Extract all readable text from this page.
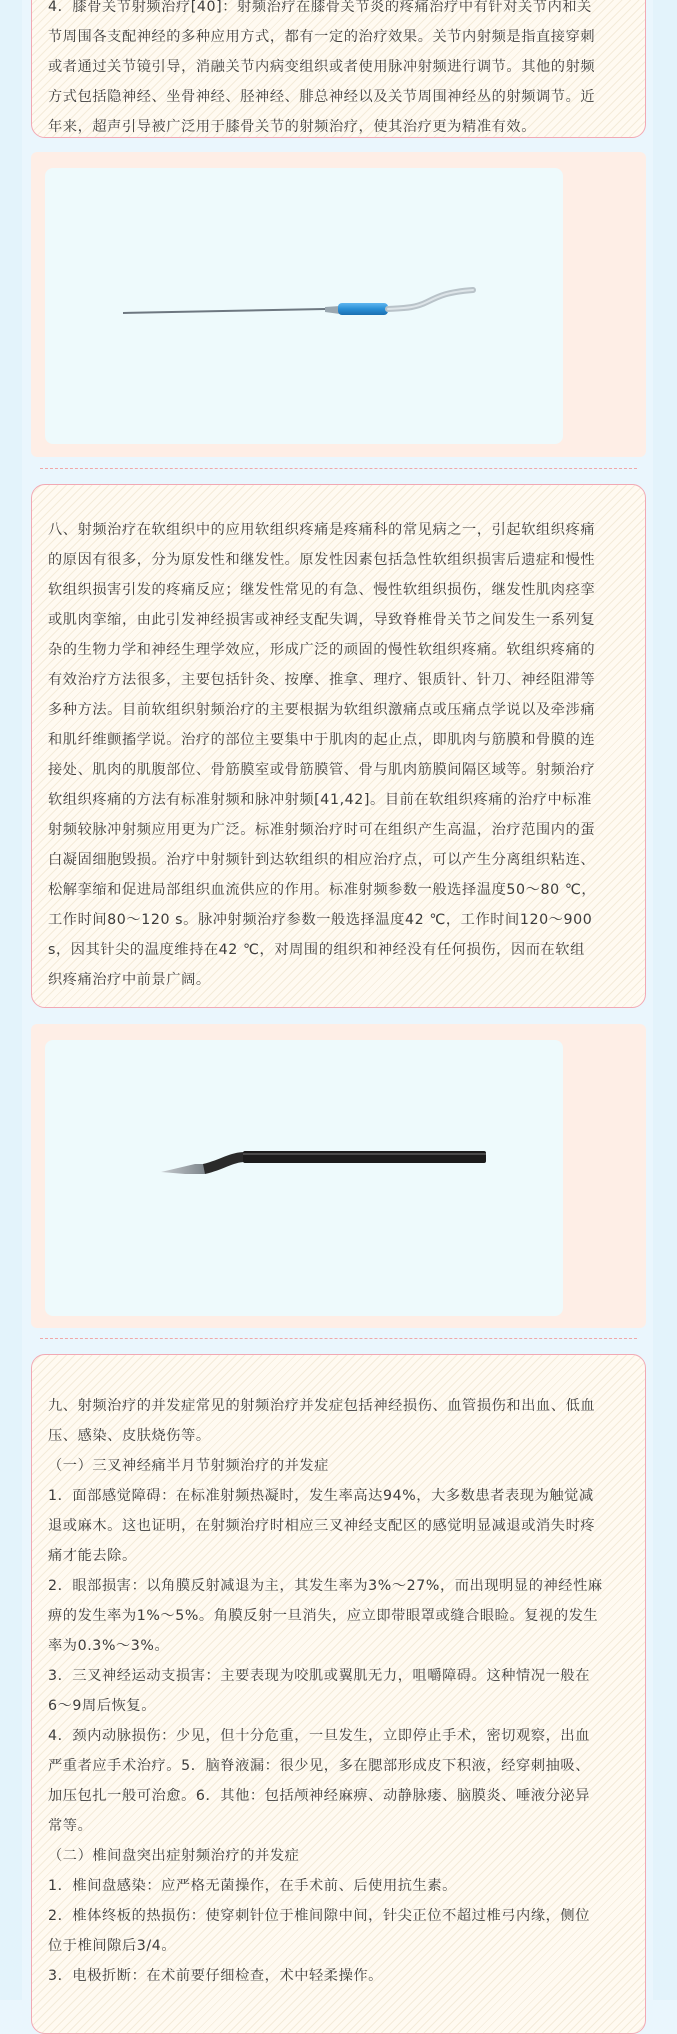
4．膝骨关节射频治疗[40]：射频治疗在膝骨关节炎的疼痛治疗中有针对关节内和关

节周围各支配神经的多种应用方式，都有一定的治疗效果。关节内射频是指直接穿刺

或者通过关节镜引导，消融关节内病变组织或者使用脉冲射频进行调节。其他的射频

方式包括隐神经、坐骨神经、胫神经、腓总神经以及关节周围神经丛的射频调节。近

年来，超声引导被广泛用于膝骨关节的射频治疗，使其治疗更为精准有效。

八、射频治疗在软组织中的应用软组织疼痛是疼痛科的常见病之一，引起软组织疼痛

的原因有很多，分为原发性和继发性。原发性因素包括急性软组织损害后遗症和慢性

软组织损害引发的疼痛反应；继发性常见的有急、慢性软组织损伤，继发性肌肉痉挛

或肌肉挛缩，由此引发神经损害或神经支配失调，导致脊椎骨关节之间发生一系列复

杂的生物力学和神经生理学效应，形成广泛的顽固的慢性软组织疼痛。软组织疼痛的

有效治疗方法很多，主要包括针灸、按摩、推拿、理疗、银质针、针刀、神经阻滞等

多种方法。目前软组织射频治疗的主要根据为软组织激痛点或压痛点学说以及牵涉痛

和肌纤维颤搐学说。治疗的部位主要集中于肌肉的起止点，即肌肉与筋膜和骨膜的连

接处、肌肉的肌腹部位、骨筋膜室或骨筋膜管、骨与肌肉筋膜间隔区域等。射频治疗

软组织疼痛的方法有标准射频和脉冲射频[41,42]。目前在软组织疼痛的治疗中标准

射频较脉冲射频应用更为广泛。标准射频治疗时可在组织产生高温，治疗范围内的蛋

白凝固细胞毁损。治疗中射频针到达软组织的相应治疗点，可以产生分离组织粘连、

松解挛缩和促进局部组织血流供应的作用。标准射频参数一般选择温度50～80 ℃，

工作时间80～120 s。脉冲射频治疗参数一般选择温度42 ℃，工作时间120～900

s，因其针尖的温度维持在42 ℃，对周围的组织和神经没有任何损伤，因而在软组

织疼痛治疗中前景广阔。

九、射频治疗的并发症常见的射频治疗并发症包括神经损伤、血管损伤和出血、低血

压、感染、皮肤烧伤等。

（一）三叉神经痛半月节射频治疗的并发症

1．面部感觉障碍：在标准射频热凝时，发生率高达94%，大多数患者表现为触觉减

退或麻木。这也证明，在射频治疗时相应三叉神经支配区的感觉明显减退或消失时疼

痛才能去除。

2．眼部损害：以角膜反射减退为主，其发生率为3%～27%，而出现明显的神经性麻

痹的发生率为1%～5%。角膜反射一旦消失，应立即带眼罩或缝合眼睑。复视的发生

率为0.3%～3%。

3．三叉神经运动支损害：主要表现为咬肌或翼肌无力，咀嚼障碍。这种情况一般在

6～9周后恢复。

4．颈内动脉损伤：少见，但十分危重，一旦发生，立即停止手术，密切观察，出血

严重者应手术治疗。5．脑脊液漏：很少见，多在腮部形成皮下积液，经穿刺抽吸、

加压包扎一般可治愈。6．其他：包括颅神经麻痹、动静脉瘘、脑膜炎、唾液分泌异

常等。

（二）椎间盘突出症射频治疗的并发症

1．椎间盘感染：应严格无菌操作，在手术前、后使用抗生素。

2．椎体终板的热损伤：使穿刺针位于椎间隙中间，针尖正位不超过椎弓内缘，侧位

位于椎间隙后3/4。

3．电极折断：在术前要仔细检查，术中轻柔操作。
